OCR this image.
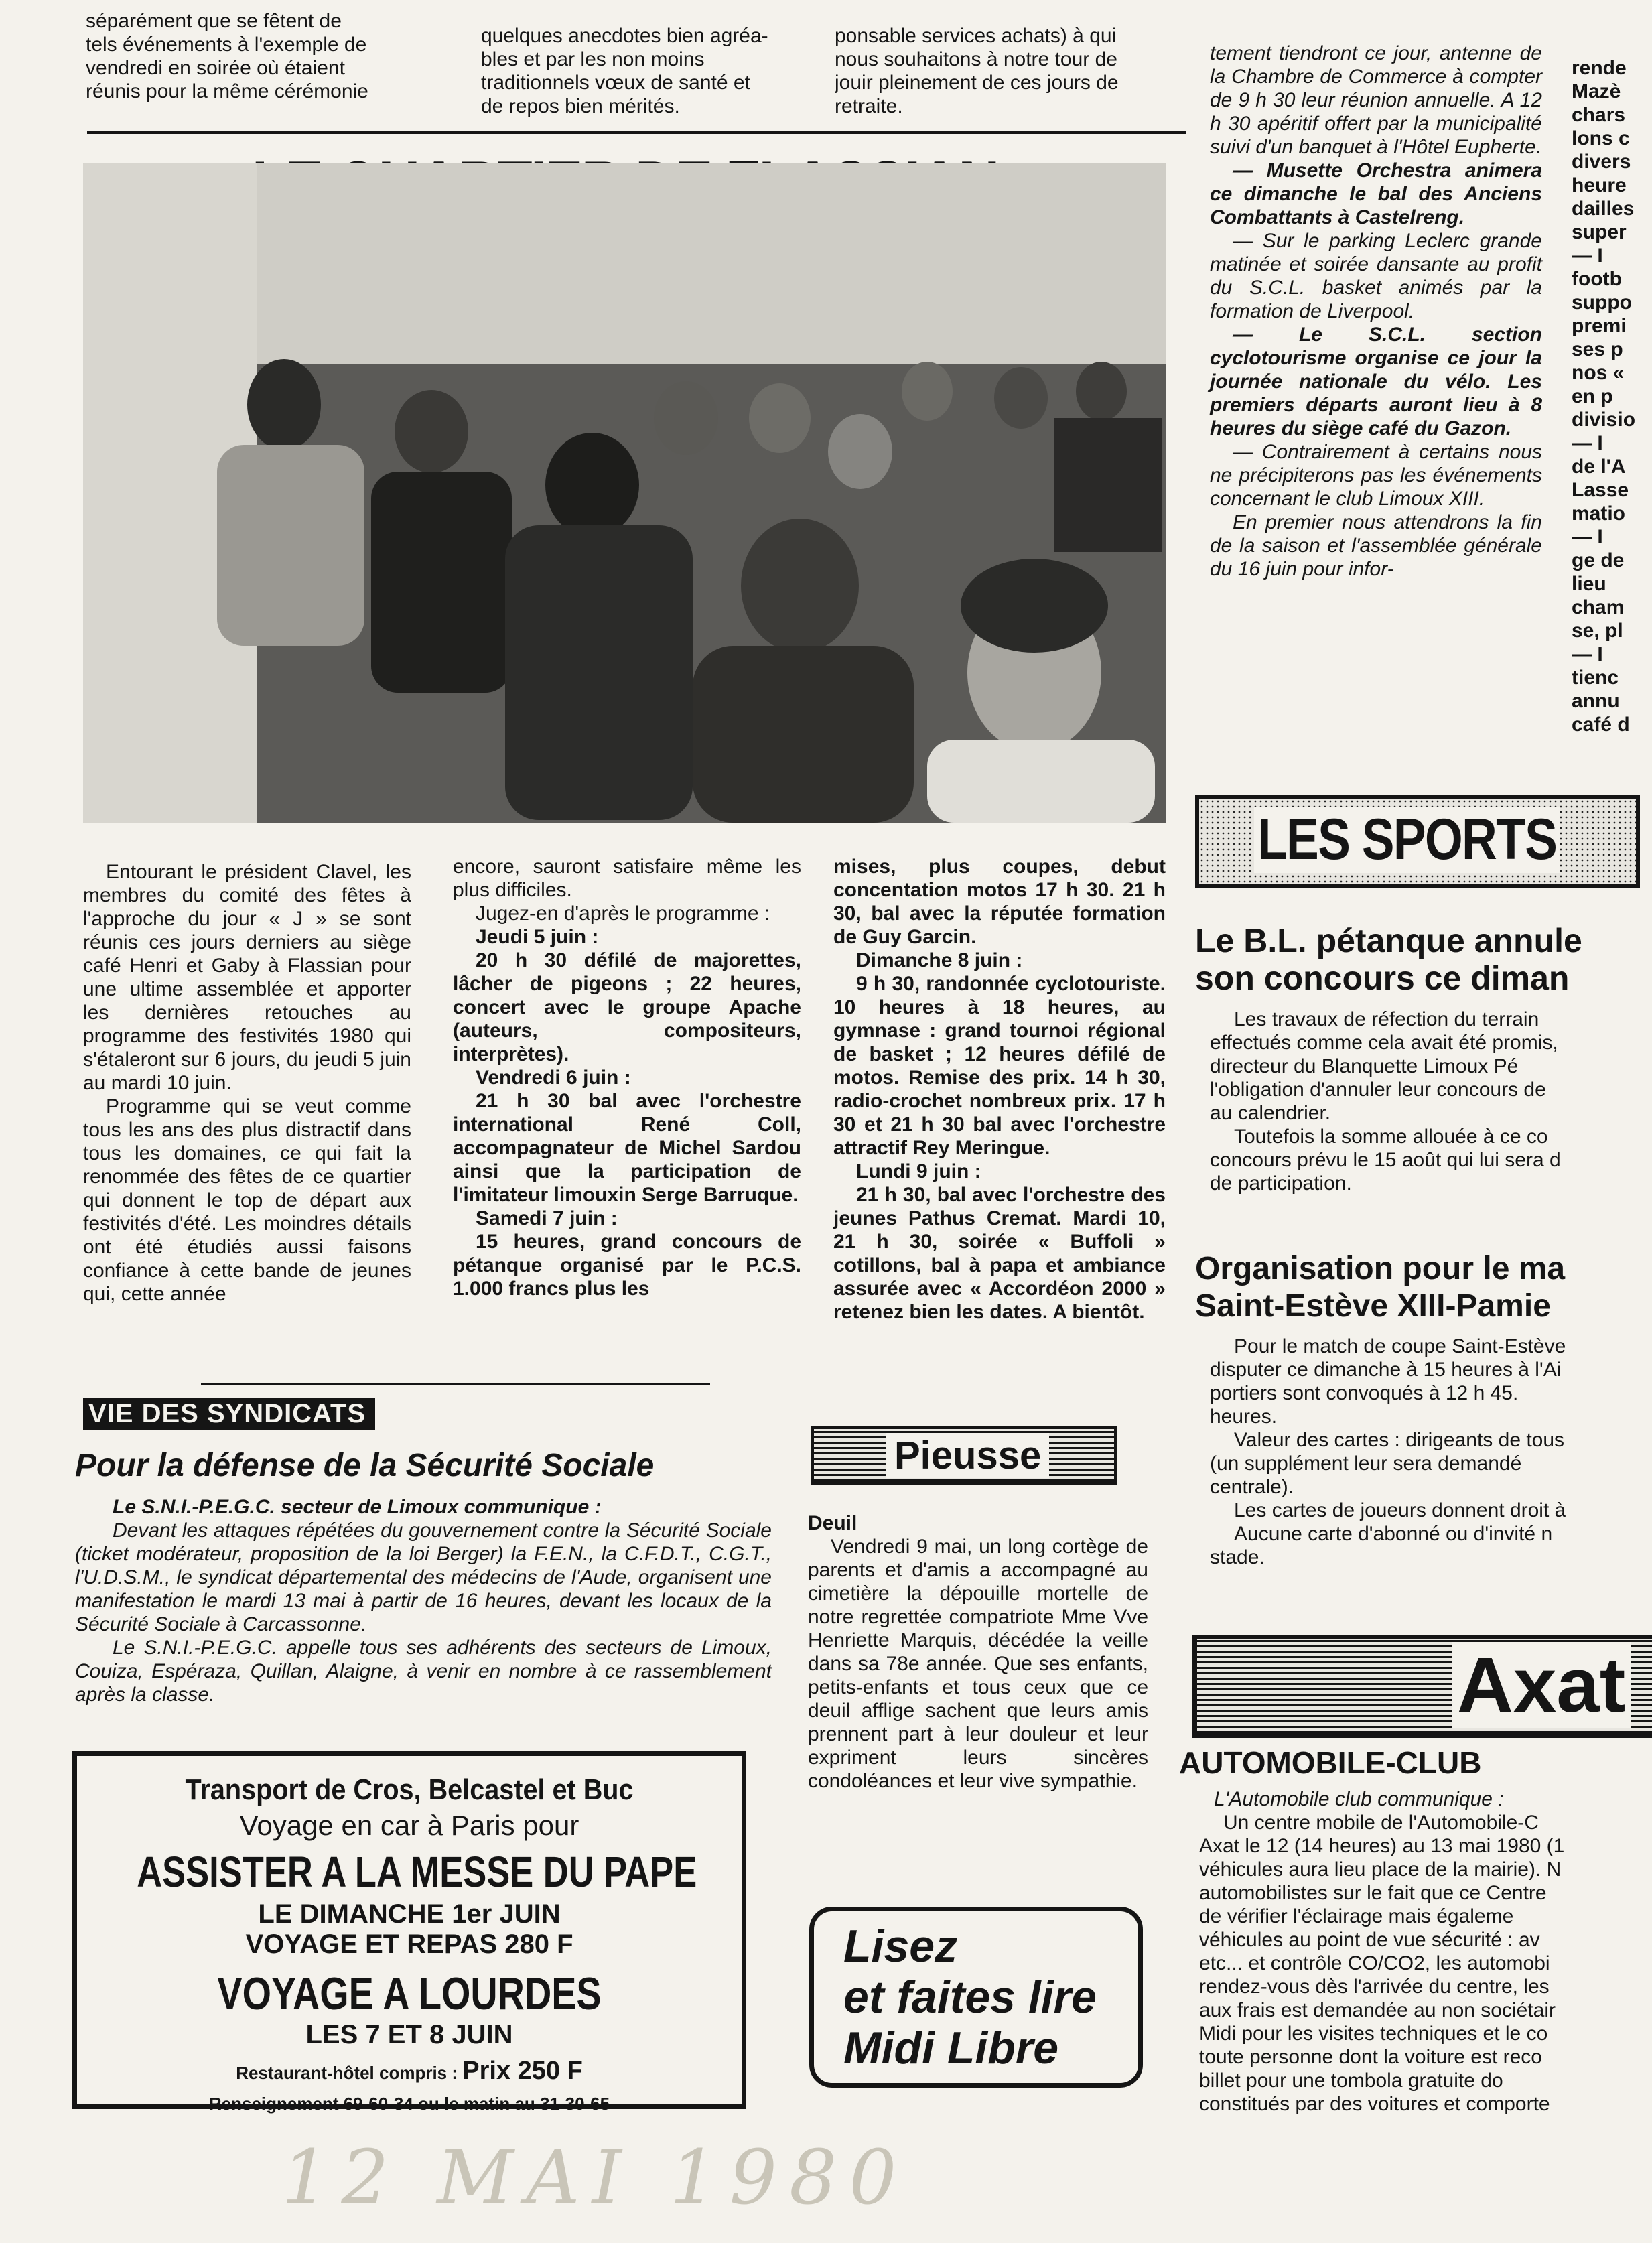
séparément que se fêtent de
tels événements à l'exemple de
vendredi en soirée où étaient
réunis pour la même cérémonie
quelques anecdotes bien agréa-
bles et par les non moins
traditionnels vœux de santé et
de repos bien mérités.
ponsable services achats) à qui
nous souhaitons à notre tour de
jouir pleinement de ces jours de
retraite.

Entourant le président Clavel, les membres du comité des fêtes à l'approche du jour « J » se sont réunis ces jours derniers au siège café Henri et Gaby à Flassian pour une ultime assemblée et apporter les dernières retouches au programme des festivités 1980 qui s'étaleront sur 6 jours, du jeudi 5 juin au mardi 10 juin.

Programme qui se veut comme tous les ans des plus distractif dans tous les domaines, ce qui fait la renommée des fêtes de ce quartier qui donnent le top de départ aux festivités d'été. Les moindres détails ont été étudiés aussi faisons confiance à cette bande de jeunes qui, cette année

encore, sauront satisfaire même les plus difficiles.

Jugez-en d'après le programme :

Jeudi 5 juin :

20 h 30 défilé de majorettes, lâcher de pigeons ; 22 heures, concert avec le groupe Apache (auteurs, compositeurs, interprètes).

Vendredi 6 juin :

21 h 30 bal avec l'orchestre international René Coll, accompagnateur de Michel Sardou ainsi que la participation de l'imitateur limouxin Serge Barruque.

Samedi 7 juin :

15 heures, grand concours de pétanque organisé par le P.C.S. 1.000 francs plus les

mises, plus coupes, debut concentation motos 17 h 30. 21 h 30, bal avec la réputée formation de Guy Garcin.

Dimanche 8 juin :

9 h 30, randonnée cyclotouriste. 10 heures à 18 heures, au gymnase : grand tournoi régional de basket ; 12 heures défilé de motos. Remise des prix. 14 h 30, radio-crochet nombreux prix. 17 h 30 et 21 h 30 bal avec l'orchestre attractif Rey Meringue.

Lundi 9 juin :

21 h 30, bal avec l'orchestre des jeunes Pathus Cremat. Mardi 10, 21 h 30, soirée « Buffoli » cotillons, bal à papa et ambiance assurée avec « Accordéon 2000 » retenez bien les dates. A bientôt.

tement tiendront ce jour, antenne de la Chambre de Commerce à compter de 9 h 30 leur réunion annuelle. A 12 h 30 apéritif offert par la municipalité suivi d'un banquet à l'Hôtel Eupherte.

— Musette Orchestra animera ce dimanche le bal des Anciens Combattants à Castelreng.

— Sur le parking Leclerc grande matinée et soirée dansante au profit du S.C.L. basket animés par la formation de Liverpool.

— Le S.C.L. section cyclotourisme organise ce jour la journée nationale du vélo. Les premiers départs auront lieu à 8 heures du siège café du Gazon.

— Contrairement à certains nous ne précipiterons pas les événements concernant le club Limoux XIII.

En premier nous attendrons la fin de la saison et l'assemblée générale du 16 juin pour infor-

rende
Mazè
chars
lons c
divers
heure
dailles
super
— I
footb
suppo
premi
ses p
nos «
en p
divisio
— I
de l'A
Lasse
matio
— I
ge de
lieu
cham
se, pl
— I
tienc
annu
café d
LES SPORTS
Le B.L. pétanque annule
son concours ce diman
Les travaux de réfection du terrain
effectués comme cela avait été promis,
directeur du Blanquette Limoux Pé
l'obligation d'annuler leur concours de
au calendrier.
Toutefois la somme allouée à ce co
concours prévu le 15 août qui lui sera d
de participation.
Organisation pour le ma
Saint-Estève XIII-Pamie
Pour le match de coupe Saint-Estève
disputer ce dimanche à 15 heures à l'Ai
portiers sont convoqués à 12 h 45.
heures.
Valeur des cartes : dirigeants de tous
(un supplément leur sera demandé
centrale).
Les cartes de joueurs donnent droit à
Aucune carte d'abonné ou d'invité n
stade.
VIE DES SYNDICATS
Pour la défense de la Sécurité Sociale

Le S.N.I.-P.E.G.C. secteur de Limoux communique :

Devant les attaques répétées du gouvernement contre la Sécurité Sociale (ticket modérateur, proposition de la loi Berger) la F.E.N., la C.F.D.T., C.G.T., l'U.D.S.M., le syndicat départemental des médecins de l'Aude, organisent une manifestation le mardi 13 mai à partir de 16 heures, devant les locaux de la Sécurité Sociale à Carcassonne.

Le S.N.I.-P.E.G.C. appelle tous ses adhérents des secteurs de Limoux, Couiza, Espéraza, Quillan, Alaigne, à venir en nombre à ce rassemblement après la classe.

Transport de Cros, Belcastel et Buc
Voyage en car à Paris pour
ASSISTER A LA MESSE DU PAPE
LE DIMANCHE 1er JUIN
VOYAGE ET REPAS 280 F
VOYAGE A LOURDES
LES 7 ET 8 JUIN
Restaurant-hôtel compris : Prix 250 F
Renseignement 69-60-34 ou le matin au 31-30-65
Pieusse

Deuil

Vendredi 9 mai, un long cortège de parents et d'amis a accompagné au cimetière la dépouille mortelle de notre regrettée compatriote Mme Vve Henriette Marquis, décédée la veille dans sa 78e année. Que ses enfants, petits-enfants et tous ceux que ce deuil afflige sachent que leurs amis prennent part à leur douleur et leur expriment leurs sincères condoléances et leur vive sympathie.

Lisez
et faites lire
Midi Libre
Axat
AUTOMOBILE-CLUB
L'Automobile club communique :
Un centre mobile de l'Automobile-C
Axat le 12 (14 heures) au 13 mai 1980 (1
véhicules aura lieu place de la mairie). N
automobilistes sur le fait que ce Centre
de vérifier l'éclairage mais égaleme
véhicules au point de vue sécurité : av
etc... et contrôle CO/CO2, les automobi
rendez-vous dès l'arrivée du centre, les
aux frais est demandée au non sociétair
Midi pour les visites techniques et le co
toute personne dont la voiture est reco
billet pour une tombola gratuite do
constitués par des voitures et comporte
12 MAI 1980
